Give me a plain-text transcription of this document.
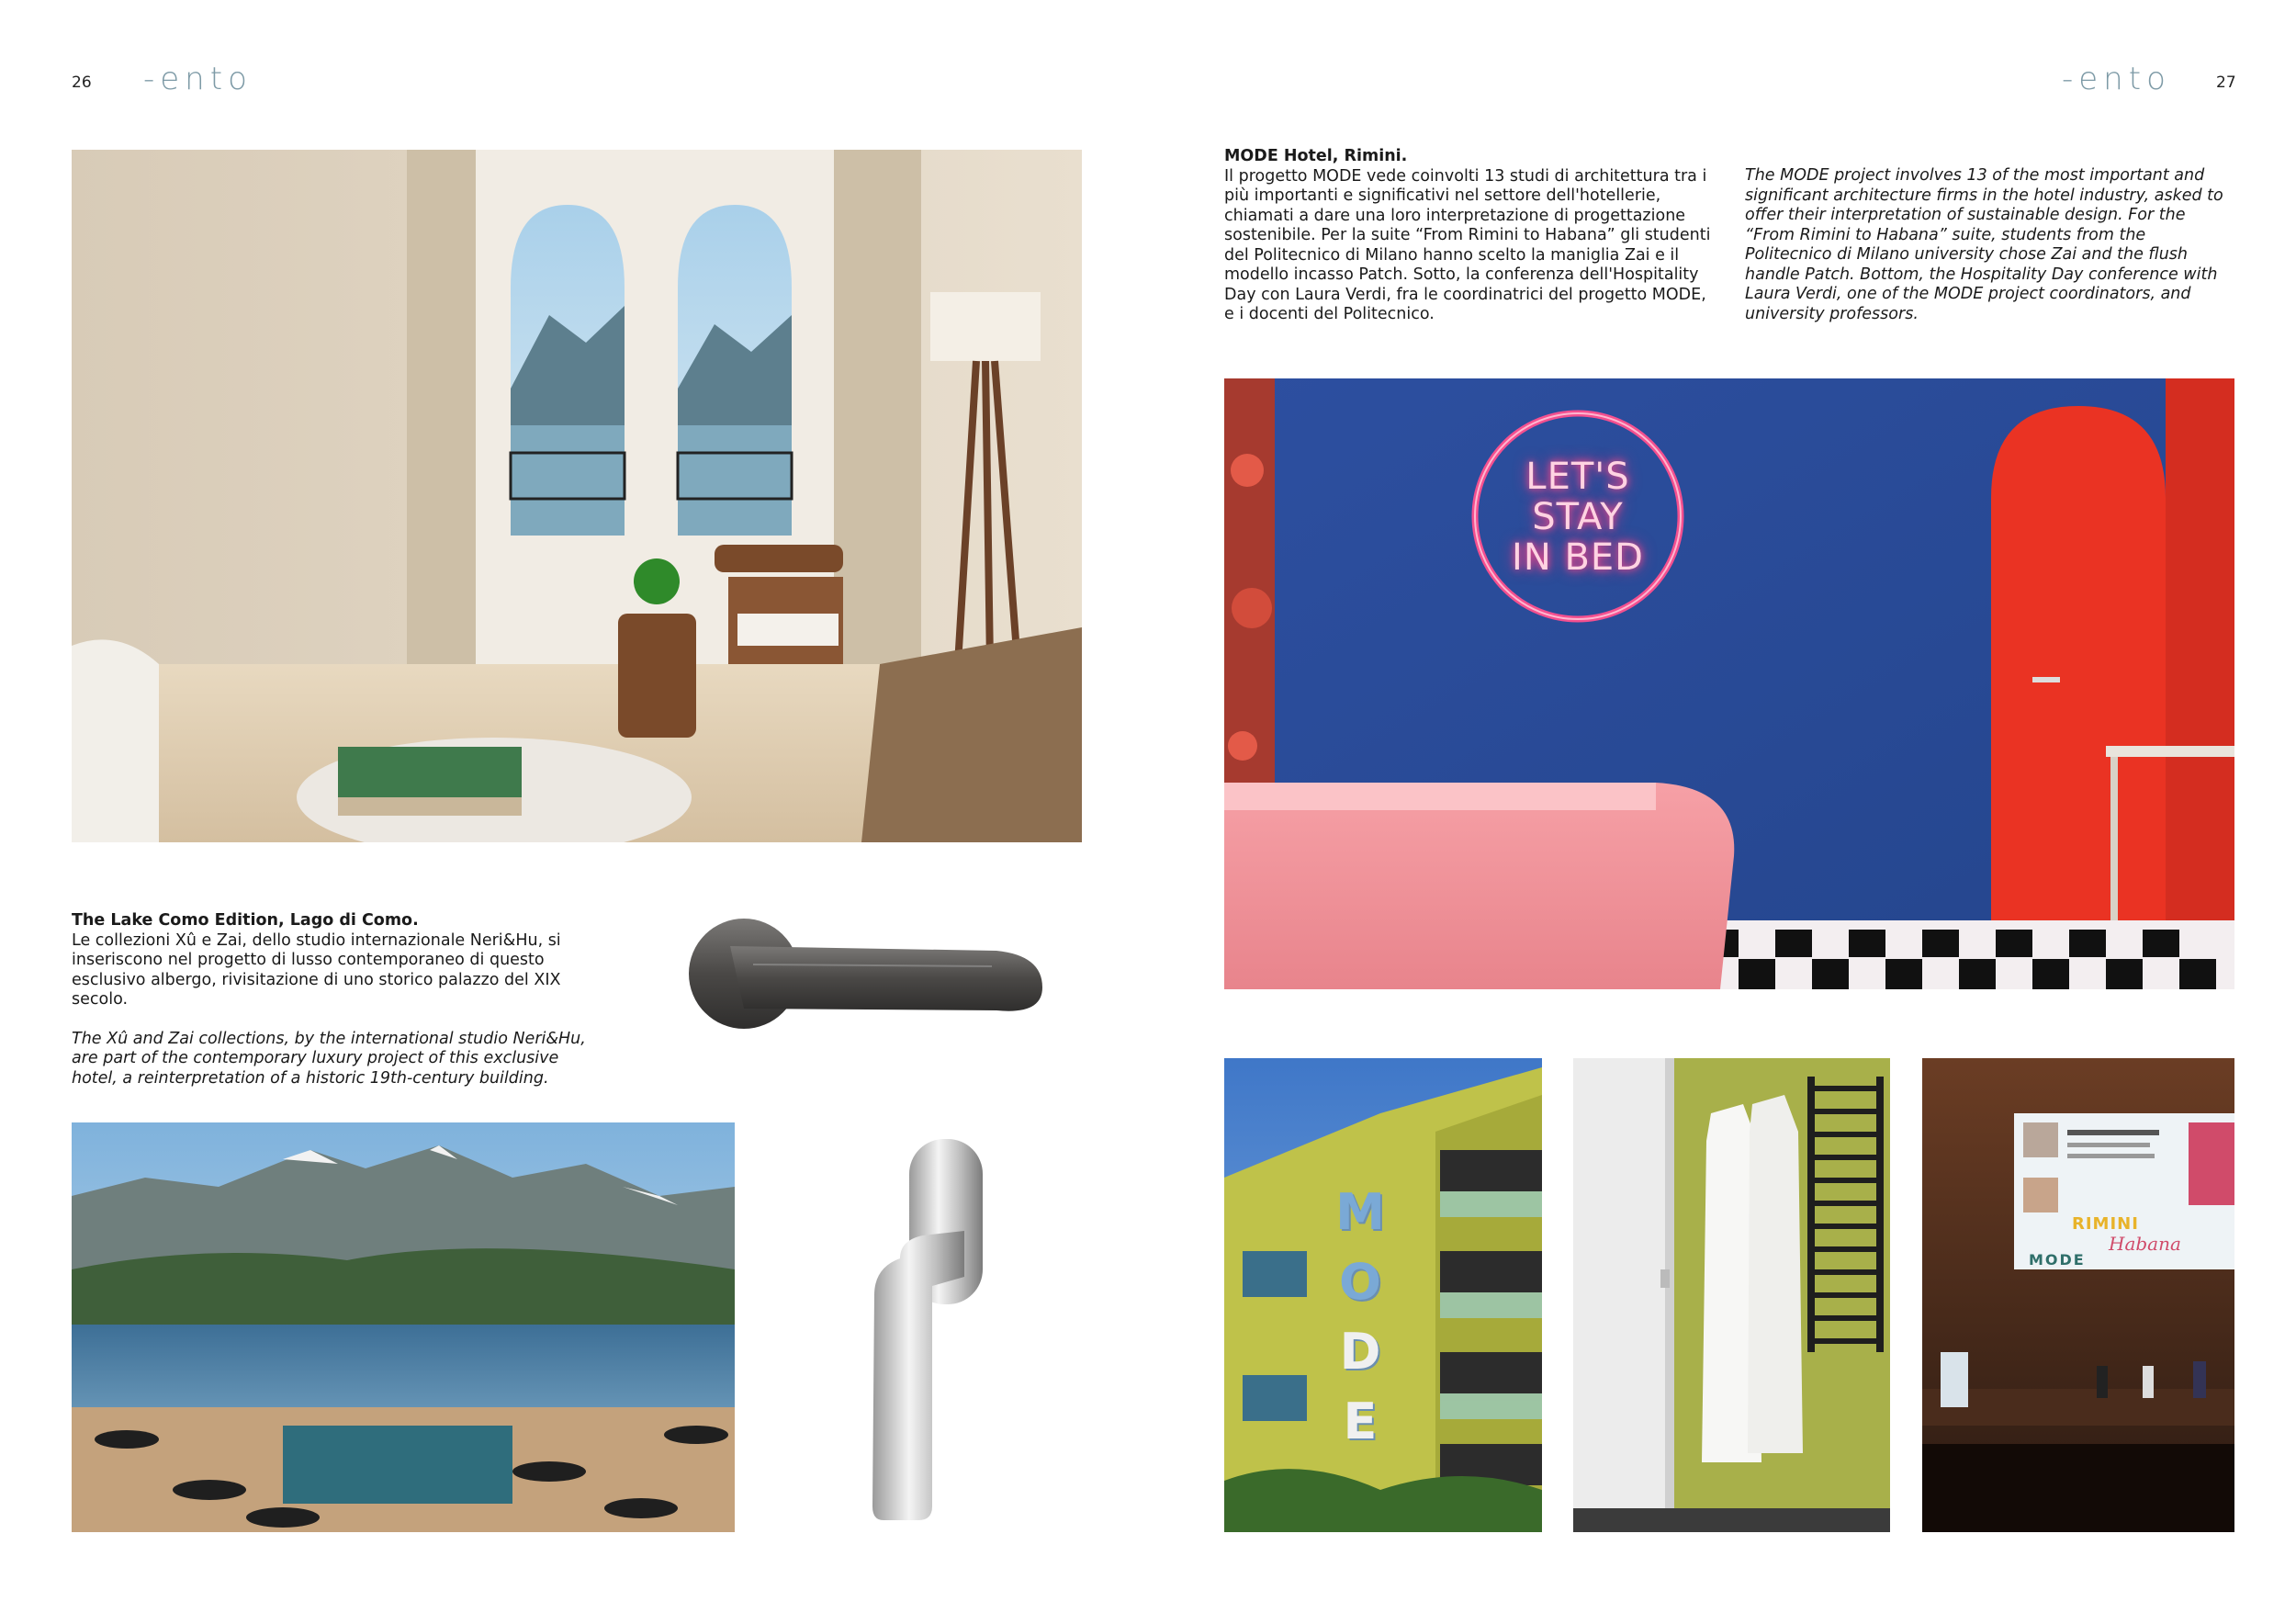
26 -ento	-ento	27
The Lake Como Edition, Lago di Como.
Le collezioni Xû e Zai, dello studio internazionale Neri&Hu, si inseriscono nel progetto di lusso contemporaneo di questo esclusivo albergo, rivisitazione di uno storico palazzo del XIX secolo.
The Xû and Zai collections, by the international studio Neri&Hu, are part of the contemporary luxury project of this exclusive hotel, a reinterpretation of a historic 19th-century building.
MODE Hotel, Rimini.
Il progetto MODE vede coinvolti 13 studi di architettura tra i più importanti e significativi nel settore dell'hotellerie, chiamati a dare una loro interpretazione di progettazione sostenibile. Per la suite “From Rimini to Habana” gli studenti del Politecnico di Milano hanno scelto la maniglia Zai e il modello incasso Patch. Sotto, la conferenza dell'Hospitality Day con Laura Verdi, fra le coordinatrici del progetto MODE, e i docenti del Politecnico.
The MODE project involves 13 of the most important and significant architecture firms in the hotel industry, asked to offer their interpretation of sustainable design. For the “From Rimini to Habana” suite, students from the Politecnico di Milano university chose Zai and the flush handle Patch. Bottom, the Hospitality Day conference with Laura Verdi, one of the MODE project coordinators, and university professors.
LET'S
STAY
IN BED
M
O
D
E
RIMINI
Habana
MODE
